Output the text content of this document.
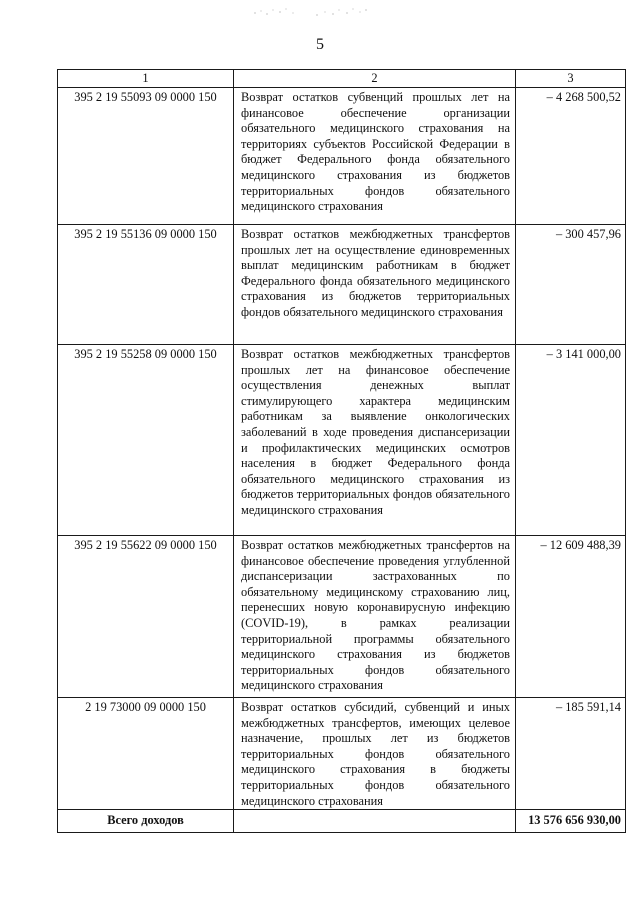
5
1	2	3
395 2 19 55093 09 0000 150	Возврат остатков субвенций прошлых лет на финансовое обеспечение организации обязательного медицинского страхования на территориях субъектов Российской Федерации в бюджет Федерального фонда обязательного медицинского страхования из бюджетов территориальных фондов обязательного медицинского страхования	– 4 268 500,52
395 2 19 55136 09 0000 150	Возврат остатков межбюджетных трансфертов прошлых лет на осуществление единовременных выплат медицинским работникам в бюджет Федерального фонда обязательного медицинского страхования из бюджетов территориальных фондов обязательного медицинского страхования	– 300 457,96
395 2 19 55258 09 0000 150	Возврат остатков межбюджетных трансфертов прошлых лет на финансовое обеспечение осуществления денежных выплат стимулирующего характера медицинским работникам за выявление онкологических заболеваний в ходе проведения диспансеризации и профилактических медицинских осмотров населения в бюджет Федерального фонда обязательного медицинского страхования из бюджетов территориальных фондов обязательного медицинского страхования	– 3 141 000,00
395 2 19 55622 09 0000 150	Возврат остатков межбюджетных трансфертов на финансовое обеспечение проведения углубленной диспансеризации застрахованных по обязательному медицинскому страхованию лиц, перенесших новую коронавирусную инфекцию (COVID-19), в рамках реализации территориальной программы обязательного медицинского страхования из бюджетов территориальных фондов обязательного медицинского страхования	– 12 609 488,39
2 19 73000 09 0000 150	Возврат остатков субсидий, субвенций и иных межбюджетных трансфертов, имеющих целевое назначение, прошлых лет из бюджетов территориальных фондов обязательного медицинского страхования в бюджеты территориальных фондов обязательного медицинского страхования	– 185 591,14
Всего доходов		13 576 656 930,00
